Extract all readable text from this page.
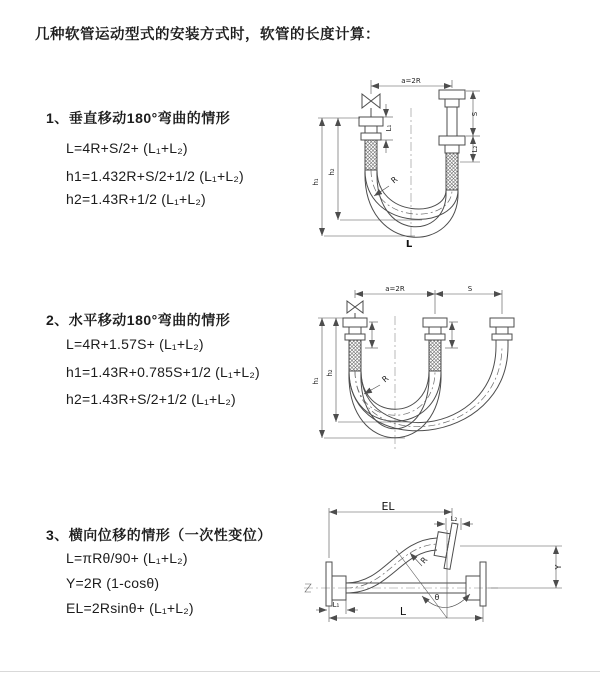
几种软管运动型式的安装方式时，软管的长度计算：
1、垂直移动180°弯曲的情形
L=4R+S/2+ (L₁+L₂)
h1=1.432R+S/2+1/2 (L₁+L₂)
h2=1.43R+1/2 (L₁+L₂)
2、水平移动180°弯曲的情形
L=4R+1.57S+ (L₁+L₂)
h1=1.43R+0.785S+1/2 (L₁+L₂)
h2=1.43R+S/2+1/2 (L₁+L₂)
3、横向位移的情形（一次性变位）
L=πRθ/90+ (L₁+L₂)
Y=2R (1-cosθ)
EL=2Rsinθ+ (L₁+L₂)
a=2R
h₁
h₂
L₁
S
L₂
R
L
a=2R	S
h₁
h₂
R
θ
R
EL
L₂
Y
L
L₁
